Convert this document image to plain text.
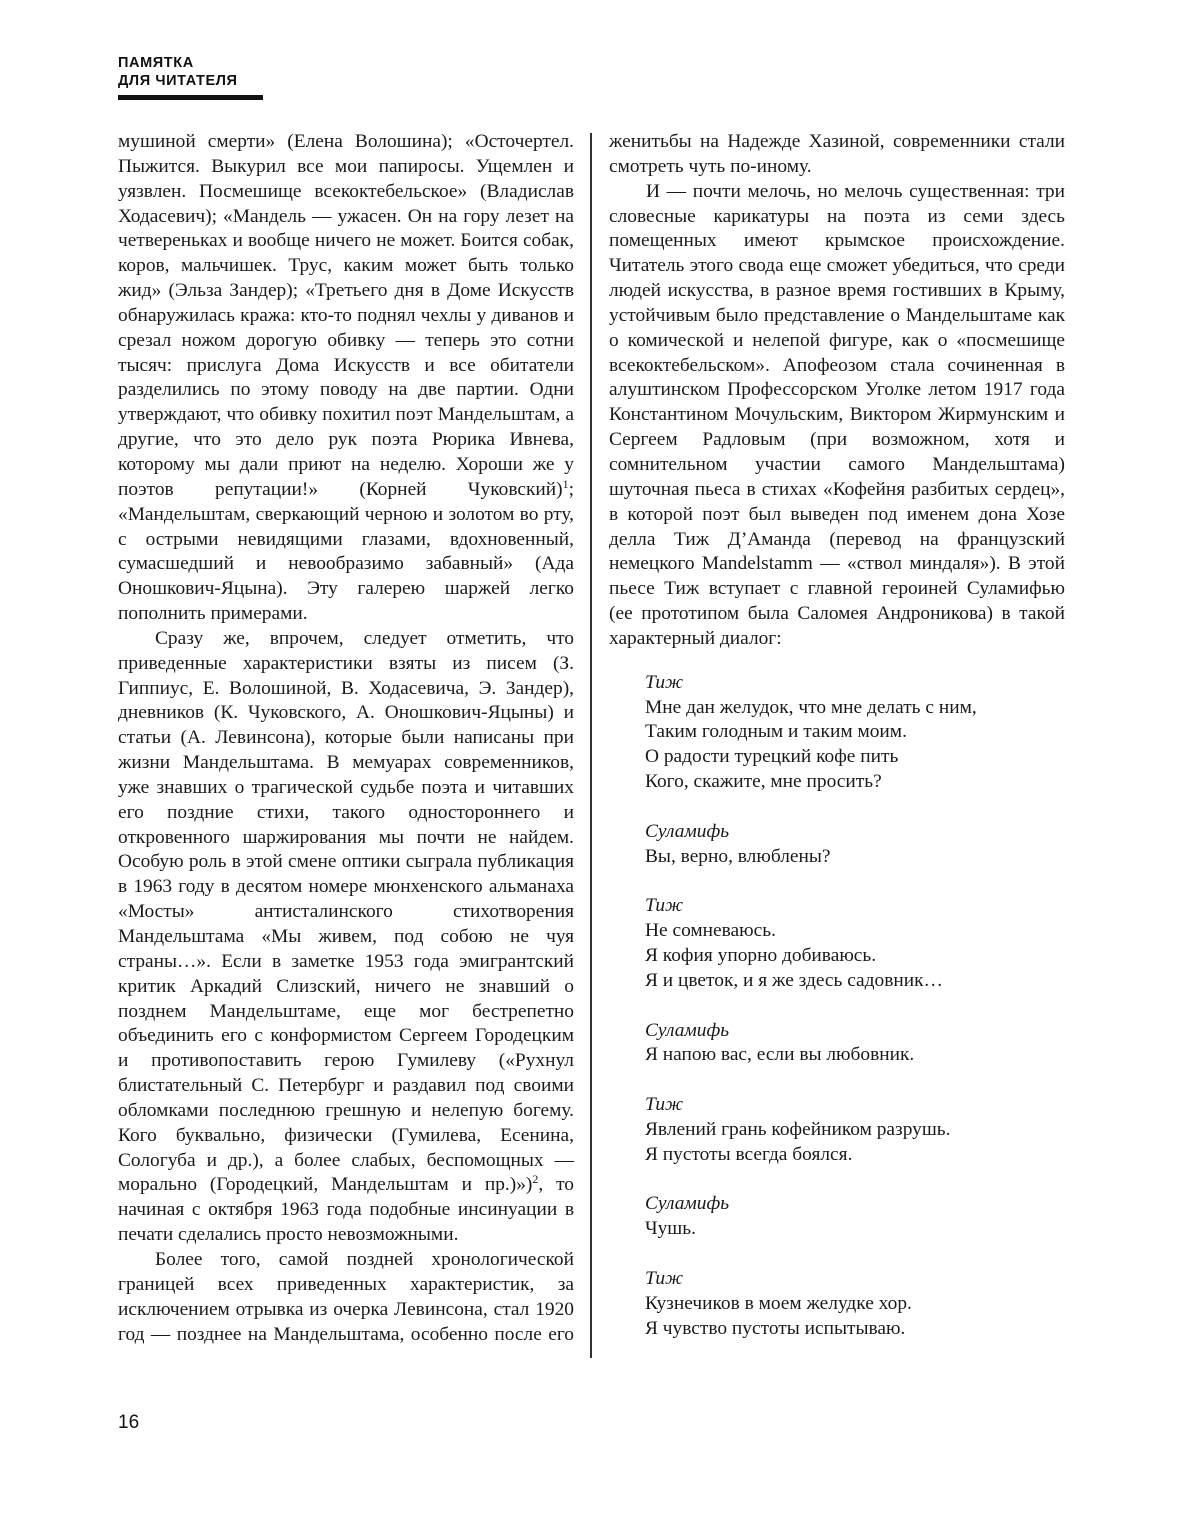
ПАМЯТКА
ДЛЯ ЧИТАТЕЛЯ

мушиной смерти» (Елена Волошина); «Осточертел. Пыжится. Выкурил все мои папиросы. Ущемлен и уязвлен. Посмешище всекоктебельское» (Владислав Ходасевич); «Мандель — ужасен. Он на гору лезет на четвереньках и вообще ничего не может. Боится собак, коров, мальчишек. Трус, каким может быть только жид» (Эльза Зандер); «Третьего дня в Доме Искусств обнаружилась кража: кто-то поднял чехлы у диванов и срезал ножом дорогую обивку — теперь это сотни тысяч: прислуга Дома Искусств и все обитатели разделились по этому поводу на две партии. Одни утверждают, что обивку похитил поэт Мандельштам, а другие, что это дело рук поэта Рюрика Ивнева, которому мы дали приют на неделю. Хороши же у поэтов репутации!» (Корней Чуковский)$^1$; «Мандельштам, сверкающий черною и золотом во рту, с острыми невидящими глазами, вдохновенный, сумасшедший и невообразимо забавный» (Ада Оношкович-Яцына). Эту галерею шаржей легко пополнить примерами.

Сразу же, впрочем, следует отметить, что приведенные характеристики взяты из писем (З. Гиппиус, Е. Волошиной, В. Ходасевича, Э. Зандер), дневников (К. Чуковского, А. Оношкович-Яцыны) и статьи (А. Левинсона), которые были написаны при жизни Мандельштама. В мемуарах современников, уже знавших о трагической судьбе поэта и читавших его поздние стихи, такого одностороннего и откровенного шаржирования мы почти не найдем. Особую роль в этой смене оптики сыграла публикация в 1963 году в десятом номере мюнхенского альманаха «Мосты» антисталинского стихотворения Мандельштама «Мы живем, под собою не чуя страны…». Если в заметке 1953 года эмигрантский критик Аркадий Слизский, ничего не знавший о позднем Мандельштаме, еще мог бестрепетно объединить его с конформистом Сергеем Городецким и противопоставить герою Гумилеву («Рухнул блистательный С. Петербург и раздавил под своими обломками последнюю грешную и нелепую богему. Кого буквально, физически (Гумилева, Есенина, Сологуба и др.), а более слабых, беспомощных — морально (Городецкий, Мандельштам и пр.)»)$^2$, то начиная с октября 1963 года подобные инсинуации в печати сделались просто невозможными.

Более того, самой поздней хронологической границей всех приведенных характеристик, за исключением отрывка из очерка Левинсона, стал 1920 год — позднее на Мандельштама, особенно после его

женитьбы на Надежде Хазиной, современники стали смотреть чуть по-иному.

И — почти мелочь, но мелочь существенная: три словесные карикатуры на поэта из семи здесь помещенных имеют крымское происхождение. Читатель этого свода еще сможет убедиться, что среди людей искусства, в разное время гостивших в Крыму, устойчивым было представление о Мандельштаме как о комической и нелепой фигуре, как о «посмешище всекоктебельском». Апофеозом стала сочиненная в алуштинском Профессорском Уголке летом 1917 года Константином Мочульским, Виктором Жирмунским и Сергеем Радловым (при возможном, хотя и сомнительном участии самого Мандельштама) шуточная пьеса в стихах «Кофейня разбитых сердец», в которой поэт был выведен под именем дона Хозе делла Тиж Д’Аманда (перевод на французский немецкого Mandelstamm — «ствол миндаля»). В этой пьесе Тиж вступает с главной героиней Суламифью (ее прототипом была Саломея Андроникова) в такой характерный диалог:

Тиж
Мне дан желудок, что мне делать с ним,
Таким голодным и таким моим.
О радости турецкий кофе пить
Кого, скажите, мне просить?
Суламифь
Вы, верно, влюблены?
Тиж
Не сомневаюсь.
Я кофия упорно добиваюсь.
Я и цветок, и я же здесь садовник…
Суламифь
Я напою вас, если вы любовник.
Тиж
Явлений грань кофейником разрушь.
Я пустоты всегда боялся.
Суламифь
Чушь.
Тиж
Кузнечиков в моем желудке хор.
Я чувство пустоты испытываю.
16
